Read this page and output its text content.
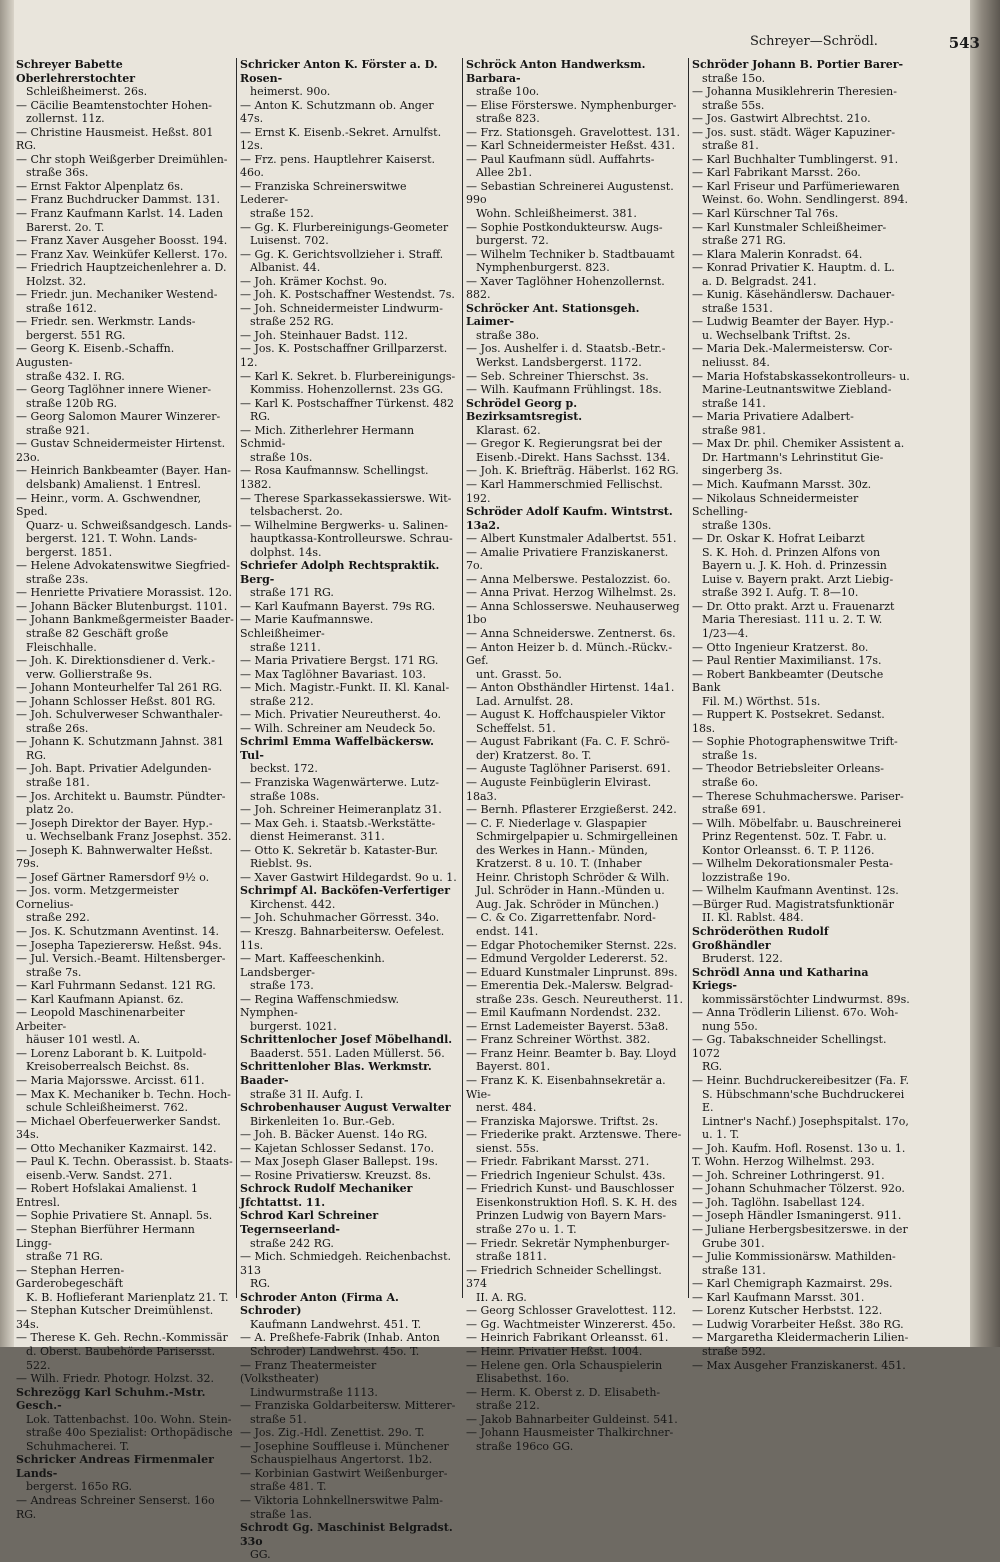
Schreyer—Schrödl.	543
Schreyer Babette Oberlehrerstochter
Schleißheimerst. 26s.
— Cäcilie Beamtenstochter Hohen-
zollernst. 11z.
— Christine Hausmeist. Heßst. 801 RG.
— Chr stoph Weißgerber Dreimühlen-
straße 36s.
— Ernst Faktor Alpenplatz 6s.
— Franz Buchdrucker Dammst. 131.
— Franz Kaufmann Karlst. 14. Laden
Barerst. 2o. T.
— Franz Xaver Ausgeher Boosst. 194.
— Franz Xav. Weinküfer Kellerst. 17o.
— Friedrich Hauptzeichenlehrer a. D.
Holzst. 32.
— Friedr. jun. Mechaniker Westend-
straße 1612.
— Friedr. sen. Werkmstr. Lands-
bergerst. 551 RG.
— Georg K. Eisenb.-Schaffn. Augusten-
straße 432. I. RG.
— Georg Taglöhner innere Wiener-
straße 120b RG.
— Georg Salomon Maurer Winzerer-
straße 921.
— Gustav Schneidermeister Hirtenst. 23o.
— Heinrich Bankbeamter (Bayer. Han-
delsbank) Amalienst. 1 Entresl.
— Heinr., vorm. A. Gschwendner, Sped.
Quarz- u. Schweißsandgesch. Lands-
bergerst. 121. T. Wohn. Lands-
bergerst. 1851.
— Helene Advokatenswitwe Siegfried-
straße 23s.
— Henriette Privatiere Morassist. 12o.
— Johann Bäcker Blutenburgst. 1101.
— Johann Bankmeßgermeister Baader-
straße 82 Geschäft große Fleischhalle.
— Joh. K. Direktionsdiener d. Verk.-
verw. Gollierstraße 9s.
— Johann Monteurhelfer Tal 261 RG.
— Johann Schlosser Heßst. 801 RG.
— Joh. Schulverweser Schwanthaler-
straße 26s.
— Johann K. Schutzmann Jahnst. 381
RG.
— Joh. Bapt. Privatier Adelgunden-
straße 181.
— Jos. Architekt u. Baumstr. Pündter-
platz 2o.
— Joseph Direktor der Bayer. Hyp.-
u. Wechselbank Franz Josephst. 352.
— Joseph K. Bahnwerwalter Heßst. 79s.
— Josef Gärtner Ramersdorf 9½ o.
— Jos. vorm. Metzgermeister Cornelius-
straße 292.
— Jos. K. Schutzmann Aventinst. 14.
— Josepha Tapezierersw. Heßst. 94s.
— Jul. Versich.-Beamt. Hiltensberger-
straße 7s.
— Karl Fuhrmann Sedanst. 121 RG.
— Karl Kaufmann Apianst. 6z.
— Leopold Maschinenarbeiter Arbeiter-
häuser 101 westl. A.
— Lorenz Laborant b. K. Luitpold-
Kreisoberrealsch Beichst. 8s.
— Maria Majorsswe. Arcisst. 611.
— Max K. Mechaniker b. Techn. Hoch-
schule Schleißheimerst. 762.
— Michael Oberfeuerwerker Sandst. 34s.
— Otto Mechaniker Kazmairst. 142.
— Paul K. Techn. Oberassist. b. Staats-
eisenb.-Verw. Sandst. 271.
— Robert Hofslakai Amalienst. 1 Entresl.
— Sophie Privatiere St. Annapl. 5s.
— Stephan Bierführer Hermann Lingg-
straße 71 RG.
— Stephan Herren- Garderobegeschäft
K. B. Hoflieferant Marienplatz 21. T.
— Stephan Kutscher Dreimühlenst. 34s.
— Therese K. Geh. Rechn.-Kommissär
d. Oberst. Baubehörde Parisersst. 522.
— Wilh. Friedr. Photogr. Holzst. 32.
Schrezögg Karl Schuhm.-Mstr. Gesch.-
Lok. Tattenbachst. 10o. Wohn. Stein-
straße 40o Spezialist: Orthopädische
Schuhmacherei. T.
Schricker Andreas Firmenmaler Lands-
bergerst. 165o RG.
— Andreas Schreiner Senserst. 16o RG.
Schricker Anton K. Förster a. D. Rosen-
heimerst. 90o.
— Anton K. Schutzmann ob. Anger 47s.
— Ernst K. Eisenb.-Sekret. Arnulfst. 12s.
— Frz. pens. Hauptlehrer Kaiserst. 46o.
— Franziska Schreinerswitwe Lederer-
straße 152.
— Gg. K. Flurbereinigungs-Geometer
Luisenst. 702.
— Gg. K. Gerichtsvollzieher i. Straff.
Albanist. 44.
— Joh. Krämer Kochst. 9o.
— Joh. K. Postschaffner Westendst. 7s.
— Joh. Schneidermeister Lindwurm-
straße 252 RG.
— Joh. Steinhauer Badst. 112.
— Jos. K. Postschaffner Grillparzerst. 12.
— Karl K. Sekret. b. Flurbereinigungs-
Kommiss. Hohenzollernst. 23s GG.
— Karl K. Postschaffner Türkenst. 482
RG.
— Mich. Zitherlehrer Hermann Schmid-
straße 10s.
— Rosa Kaufmannsw. Schellingst. 1382.
— Therese Sparkassekassierswe. Wit-
telsbacherst. 2o.
— Wilhelmine Bergwerks- u. Salinen-
hauptkassa-Kontrolleurswe. Schrau-
dolphst. 14s.
Schriefer Adolph Rechtspraktik. Berg-
straße 171 RG.
— Karl Kaufmann Bayerst. 79s RG.
— Marie Kaufmannswe. Schleißheimer-
straße 1211.
— Maria Privatiere Bergst. 171 RG.
— Max Taglöhner Bavariast. 103.
— Mich. Magistr.-Funkt. II. Kl. Kanal-
straße 212.
— Mich. Privatier Neureutherst. 4o.
— Wilh. Schreiner am Neudeck 5o.
Schriml Emma Waffelbäckersw. Tul-
beckst. 172.
— Franziska Wagenwärterwe. Lutz-
straße 108s.
— Joh. Schreiner Heimeranplatz 31.
— Max Geh. i. Staatsb.-Werkstätte-
dienst Heimeranst. 311.
— Otto K. Sekretär b. Kataster-Bur.
Rieblst. 9s.
— Xaver Gastwirt Hildegardst. 9o u. 1.
Schrimpf Al. Backöfen-Verfertiger
Kirchenst. 442.
— Joh. Schuhmacher Görresst. 34o.
— Kreszg. Bahnarbeitersw. Oefelest. 11s.
— Mart. Kaffeeschenkinh. Landsberger-
straße 173.
— Regina Waffenschmiedsw. Nymphen-
burgerst. 1021.
Schrittenlocher Josef Möbelhandl.
Baaderst. 551. Laden Müllerst. 56.
Schrittenloher Blas. Werkmstr. Baader-
straße 31 II. Aufg. I.
Schrobenhauser August Verwalter
Birkenleiten 1o. Bur.-Geb.
— Joh. B. Bäcker Auenst. 14o RG.
— Kajetan Schlosser Sedanst. 17o.
— Max Joseph Glaser Ballepst. 19s.
— Rosine Privatiersw. Kreuzst. 8s.
Schrock Rudolf Mechaniker Jfchtattst. 11.
Schrod Karl Schreiner Tegernseerland-
straße 242 RG.
— Mich. Schmiedgeh. Reichenbachst. 313
RG.
Schroder Anton (Firma A. Schroder)
Kaufmann Landwehrst. 451. T.
— A. Preßhefe-Fabrik (Inhab. Anton
Schroder) Landwehrst. 45o. T.
— Franz Theatermeister (Volkstheater)
Lindwurmstraße 1113.
— Franziska Goldarbeitersw. Mitterer-
straße 51.
— Jos. Zig.-Hdl. Zenettist. 29o. T.
— Josephine Souffleuse i. Münchener
Schauspielhaus Angertorst. 1b2.
— Korbinian Gastwirt Weißenburger-
straße 481. T.
— Viktoria Lohnkellnerswitwe Palm-
straße 1as.
Schrodt Gg. Maschinist Belgradst. 33o
GG.
Schröck Anton Handwerksm. Barbara-
straße 10o.
— Elise Försterswe. Nymphenburger-
straße 823.
— Frz. Stationsgeh. Gravelottest. 131.
— Karl Schneidermeister Heßst. 431.
— Paul Kaufmann südl. Auffahrts-
Allee 2b1.
— Sebastian Schreinerei Augustenst. 99o
Wohn. Schleißheimerst. 381.
— Sophie Postkondukteursw. Augs-
burgerst. 72.
— Wilhelm Techniker b. Stadtbauamt
Nymphenburgerst. 823.
— Xaver Taglöhner Hohenzollernst. 882.
Schröcker Ant. Stationsgeh. Laimer-
straße 38o.
— Jos. Aushelfer i. d. Staatsb.-Betr.-
Werkst. Landsbergerst. 1172.
— Seb. Schreiner Thierschst. 3s.
— Wilh. Kaufmann Frühlingst. 18s.
Schrödel Georg p. Bezirksamtsregist.
Klarast. 62.
— Gregor K. Regierungsrat bei der
Eisenb.-Direkt. Hans Sachsst. 134.
— Joh. K. Briefträg. Häberlst. 162 RG.
— Karl Hammerschmied Fellischst. 192.
Schröder Adolf Kaufm. Wintstrst. 13a2.
— Albert Kunstmaler Adalbertst. 551.
— Amalie Privatiere Franziskanerst. 7o.
— Anna Melberswe. Pestalozzist. 6o.
— Anna Privat. Herzog Wilhelmst. 2s.
— Anna Schlosserswe. Neuhauserweg 1bo
— Anna Schneiderswe. Zentnerst. 6s.
— Anton Heizer b. d. Münch.-Rückv.-Gef.
unt. Grasst. 5o.
— Anton Obsthändler Hirtenst. 14a1.
Lad. Arnulfst. 28.
— August K. Hoffchauspieler Viktor
Scheffelst. 51.
— August Fabrikant (Fa. C. F. Schrö-
der) Kratzerst. 8o. T.
— Auguste Taglöhner Pariserst. 691.
— Auguste Feinbüglerin Elvirast. 18a3.
— Bernh. Pflasterer Erzgießerst. 242.
— C. F. Niederlage v. Glaspapier
Schmirgelpapier u. Schmirgelleinen
des Werkes in Hann.- Münden,
Kratzerst. 8 u. 10. T. (Inhaber
Heinr. Christoph Schröder & Wilh.
Jul. Schröder in Hann.-Münden u.
Aug. Jak. Schröder in München.)
— C. & Co. Zigarrettenfabr. Nord-
endst. 141.
— Edgar Photochemiker Sternst. 22s.
— Edmund Vergolder Ledererst. 52.
— Eduard Kunstmaler Linprunst. 89s.
— Emerentia Dek.-Malersw. Belgrad-
straße 23s. Gesch. Neureutherst. 11.
— Emil Kaufmann Nordendst. 232.
— Ernst Lademeister Bayerst. 53a8.
— Franz Schreiner Wörthst. 382.
— Franz Heinr. Beamter b. Bay. Lloyd
Bayerst. 801.
— Franz K. K. Eisenbahnsekretär a. Wie-
nerst. 484.
— Franziska Majorswe. Triftst. 2s.
— Friederike prakt. Arztenswe. There-
sienst. 55s.
— Friedr. Fabrikant Marsst. 271.
— Friedrich Ingenieur Schulst. 43s.
— Friedrich Kunst- und Bauschlosser
Eisenkonstruktion Hofl. S. K. H. des
Prinzen Ludwig von Bayern Mars-
straße 27o u. 1. T.
— Friedr. Sekretär Nymphenburger-
straße 1811.
— Friedrich Schneider Schellingst. 374
II. A. RG.
— Georg Schlosser Gravelottest. 112.
— Gg. Wachtmeister Winzererst. 45o.
— Heinrich Fabrikant Orleansst. 61.
— Heinr. Privatier Heßst. 1004.
— Helene gen. Orla Schauspielerin
Elisabethst. 16o.
— Herm. K. Oberst z. D. Elisabeth-
straße 212.
— Jakob Bahnarbeiter Guldeinst. 541.
— Johann Hausmeister Thalkirchner-
straße 196co GG.
Schröder Johann B. Portier Barer-
straße 15o.
— Johanna Musiklehrerin Theresien-
straße 55s.
— Jos. Gastwirt Albrechtst. 21o.
— Jos. sust. städt. Wäger Kapuziner-
straße 81.
— Karl Buchhalter Tumblingerst. 91.
— Karl Fabrikant Marsst. 26o.
— Karl Friseur und Parfümeriewaren
Weinst. 6o. Wohn. Sendlingerst. 894.
— Karl Kürschner Tal 76s.
— Karl Kunstmaler Schleißheimer-
straße 271 RG.
— Klara Malerin Konradst. 64.
— Konrad Privatier K. Hauptm. d. L.
a. D. Belgradst. 241.
— Kunig. Käsehändlersw. Dachauer-
straße 1531.
— Ludwig Beamter der Bayer. Hyp.-
u. Wechselbank Triftst. 2s.
— Maria Dek.-Malermeistersw. Cor-
neliusst. 84.
— Maria Hofstabskassekontrolleurs- u.
Marine-Leutnantswitwe Ziebland-
straße 141.
— Maria Privatiere Adalbert-
straße 981.
— Max Dr. phil. Chemiker Assistent a.
Dr. Hartmann's Lehrinstitut Gie-
singerberg 3s.
— Mich. Kaufmann Marsst. 30z.
— Nikolaus Schneidermeister Schelling-
straße 130s.
— Dr. Oskar K. Hofrat Leibarzt
S. K. Hoh. d. Prinzen Alfons von
Bayern u. J. K. Hoh. d. Prinzessin
Luise v. Bayern prakt. Arzt Liebig-
straße 392 I. Aufg. T. 8—10.
— Dr. Otto prakt. Arzt u. Frauenarzt
Maria Theresiast. 111 u. 2. T. W.
1/23—4.
— Otto Ingenieur Kratzerst. 8o.
— Paul Rentier Maximilianst. 17s.
— Robert Bankbeamter (Deutsche Bank
Fil. M.) Wörthst. 51s.
— Ruppert K. Postsekret. Sedanst. 18s.
— Sophie Photographenswitwe Trift-
straße 1s.
— Theodor Betriebsleiter Orleans-
straße 6o.
— Therese Schuhmacherswe. Pariser-
straße 691.
— Wilh. Möbelfabr. u. Bauschreinerei
Prinz Regentenst. 50z. T. Fabr. u.
Kontor Orleansst. 6. T. P. 1126.
— Wilhelm Dekorationsmaler Pesta-
lozzistraße 19o.
— Wilhelm Kaufmann Aventinst. 12s.
—Bürger Rud. Magistratsfunktionär
II. Kl. Rablst. 484.
Schröderöthen Rudolf Großhändler
Bruderst. 122.
Schrödl Anna und Katharina Kriegs-
kommissärstöchter Lindwurmst. 89s.
— Anna Trödlerin Lilienst. 67o. Woh-
nung 55o.
— Gg. Tabakschneider Schellingst. 1072
RG.
— Heinr. Buchdruckereibesitzer (Fa. F.
S. Hübschmann'sche Buchdruckerei E.
Lintner's Nachf.) Josephspitalst. 17o,
u. 1. T.
— Joh. Kaufm. Hofl. Rosenst. 13o u. 1.
T. Wohn. Herzog Wilhelmst. 293.
— Joh. Schreiner Lothringerst. 91.
— Johann Schuhmacher Tölzerst. 92o.
— Joh. Taglöhn. Isabellast 124.
— Joseph Händler Ismaningerst. 911.
— Juliane Herbergsbesitzerswe. in der
Grube 301.
— Julie Kommissionärsw. Mathilden-
straße 131.
— Karl Chemigraph Kazmairst. 29s.
— Karl Kaufmann Marsst. 301.
— Lorenz Kutscher Herbstst. 122.
— Ludwig Vorarbeiter Heßst. 38o RG.
— Margaretha Kleidermacherin Lilien-
straße 592.
— Max Ausgeher Franziskanerst. 451.
